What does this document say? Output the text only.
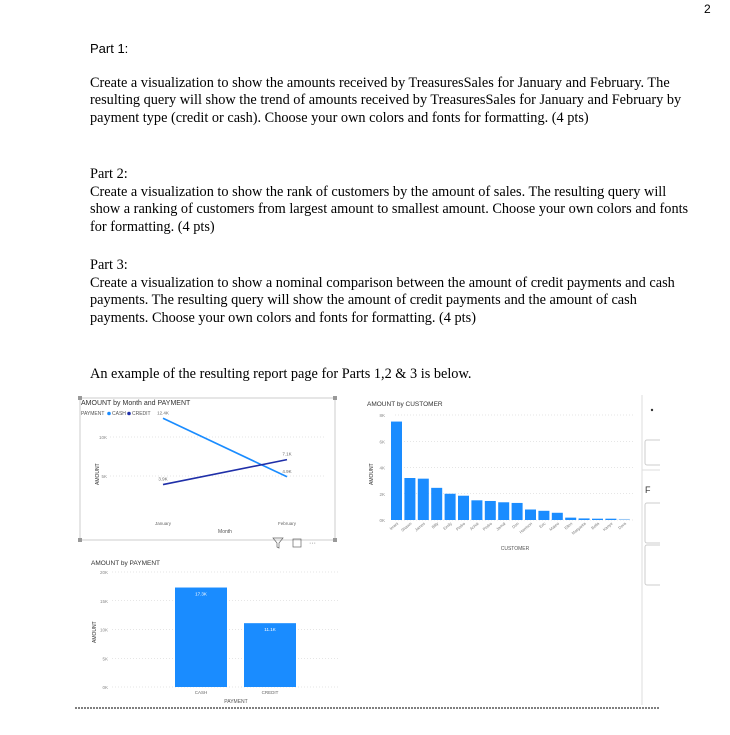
2

Part 1:

Create a visualization to show the amounts received by TreasuresSales for January and February. The resulting query will show the trend of amounts received by TreasuresSales for January and February by payment type (credit or cash). Choose your own colors and fonts for formatting. (4 pts)

Part 2:

Create a visualization to show the rank of customers by the amount of sales. The resulting query will show a ranking of customers from largest amount to smallest amount. Choose your own colors and fonts for formatting. (4 pts)

Part 3:

Create a visualization to show a nominal comparison between the amount of credit payments and cash payments. The resulting query will show the amount of credit payments and the amount of cash payments. Choose your own colors and fonts for formatting. (4 pts)

An example of the resulting report page for Parts 1,2 & 3 is below.
AMOUNT by Month and PAYMENT
PAYMENT CASH CREDIT
5K
10K
AMOUNT
January	February
Month
12.4K
4.9K
3.9K
7.1K
AMOUNT by CUSTOMER
0K
2K
4K
6K
8K
AMOUNT
Imani Shawn James Billy Emily Pedro Achai Pedro Jamal Don
Harrison Eric Mateo Ellen
Margarita Bella Kanye Dora
CUSTOMER
···
AMOUNT by PAYMENT
0K
5K
10K
15K
20K
AMOUNT
17.3K
CASH
11.1K
CREDIT
PAYMENT
F
